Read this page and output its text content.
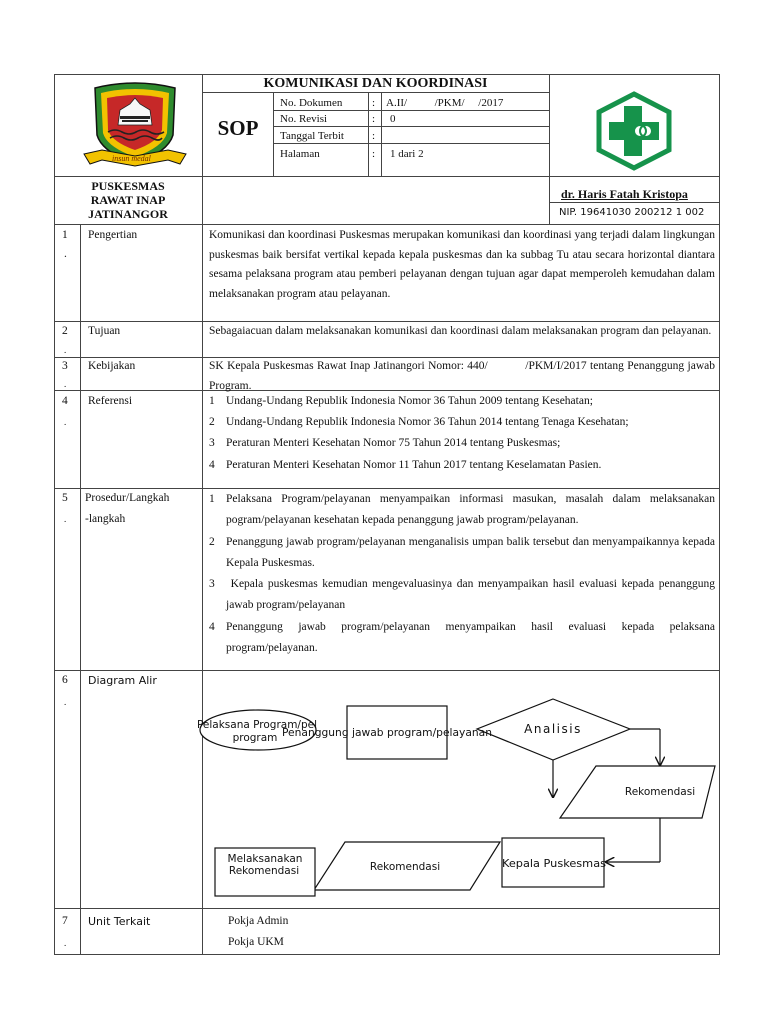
insun medal
KOMUNIKASI DAN KOORDINASI
SOP
No. Dokumen	: A.II/          /PKM/     /2017
No. Revisi	: 0
Tanggal Terbit	:
Halaman	: 1 dari 2
PUSKESMAS RAWAT INAP JATINANGOR
dr. Haris Fatah Kristopa
NIP. 19641030 200212 1 002
1
.
Pengertian	Komunikasi dan koordinasi Puskesmas merupakan komunikasi dan koordinasi yang terjadi dalam lingkungan puskesmas baik bersifat vertikal kepada kepala puskesmas dan ka subbag Tu atau secara horizontal diantara sesama pelaksana program atau pemberi pelayanan dengan tujuan agar dapat memperoleh kemudahan dalam melaksanakan program atau pelayanan.
2
.
Tujuan	Sebagaiacuan dalam melaksanakan komunikasi dan koordinasi dalam melaksanakan program dan pelayanan.
3
.
Kebijakan	SK Kepala Puskesmas Rawat Inap Jatinangori Nomor: 440/           /PKM/I/2017 tentang Penanggung jawab Program.
4
.
Referensi	1 Undang-Undang Republik Indonesia Nomor 36 Tahun 2009 tentang Kesehatan;
2 Undang-Undang Republik Indonesia Nomor 36 Tahun 2014 tentang Tenaga Kesehatan;
3 Peraturan Menteri Kesehatan Nomor 75 Tahun 2014 tentang Puskesmas;
4 Peraturan Menteri Kesehatan Nomor 11 Tahun 2017 tentang Keselamatan Pasien.
5
.
Prosedur/Langkah
-langkah
1 Pelaksana Program/pelayanan menyampaikan informasi masukan, masalah dalam melaksanakan pogram/pelayanan kesehatan kepada penanggung jawab program/pelayanan.
2 Penanggung jawab program/pelayanan menganalisis umpan balik tersebut dan menyampaikannya kepada Kepala Puskesmas.
3 Kepala puskesmas kemudian mengevaluasinya dan menyampaikan hasil evaluasi kepada penanggung jawab program/pelayanan
4 Penanggung jawab program/pelayanan menyampaikan hasil evaluasi kepada pelaksana program/pelayanan.
6
.
Diagram Alir
Pelaksana Program/pel
program Penanggung jawab program/pelayanan	Analisis
Rekomendasi
Kepala Puskesmas
Rekomendasi
Melaksanakan
Rekomendasi
7
.
Unit Terkait	Pokja Admin
Pokja UKM
